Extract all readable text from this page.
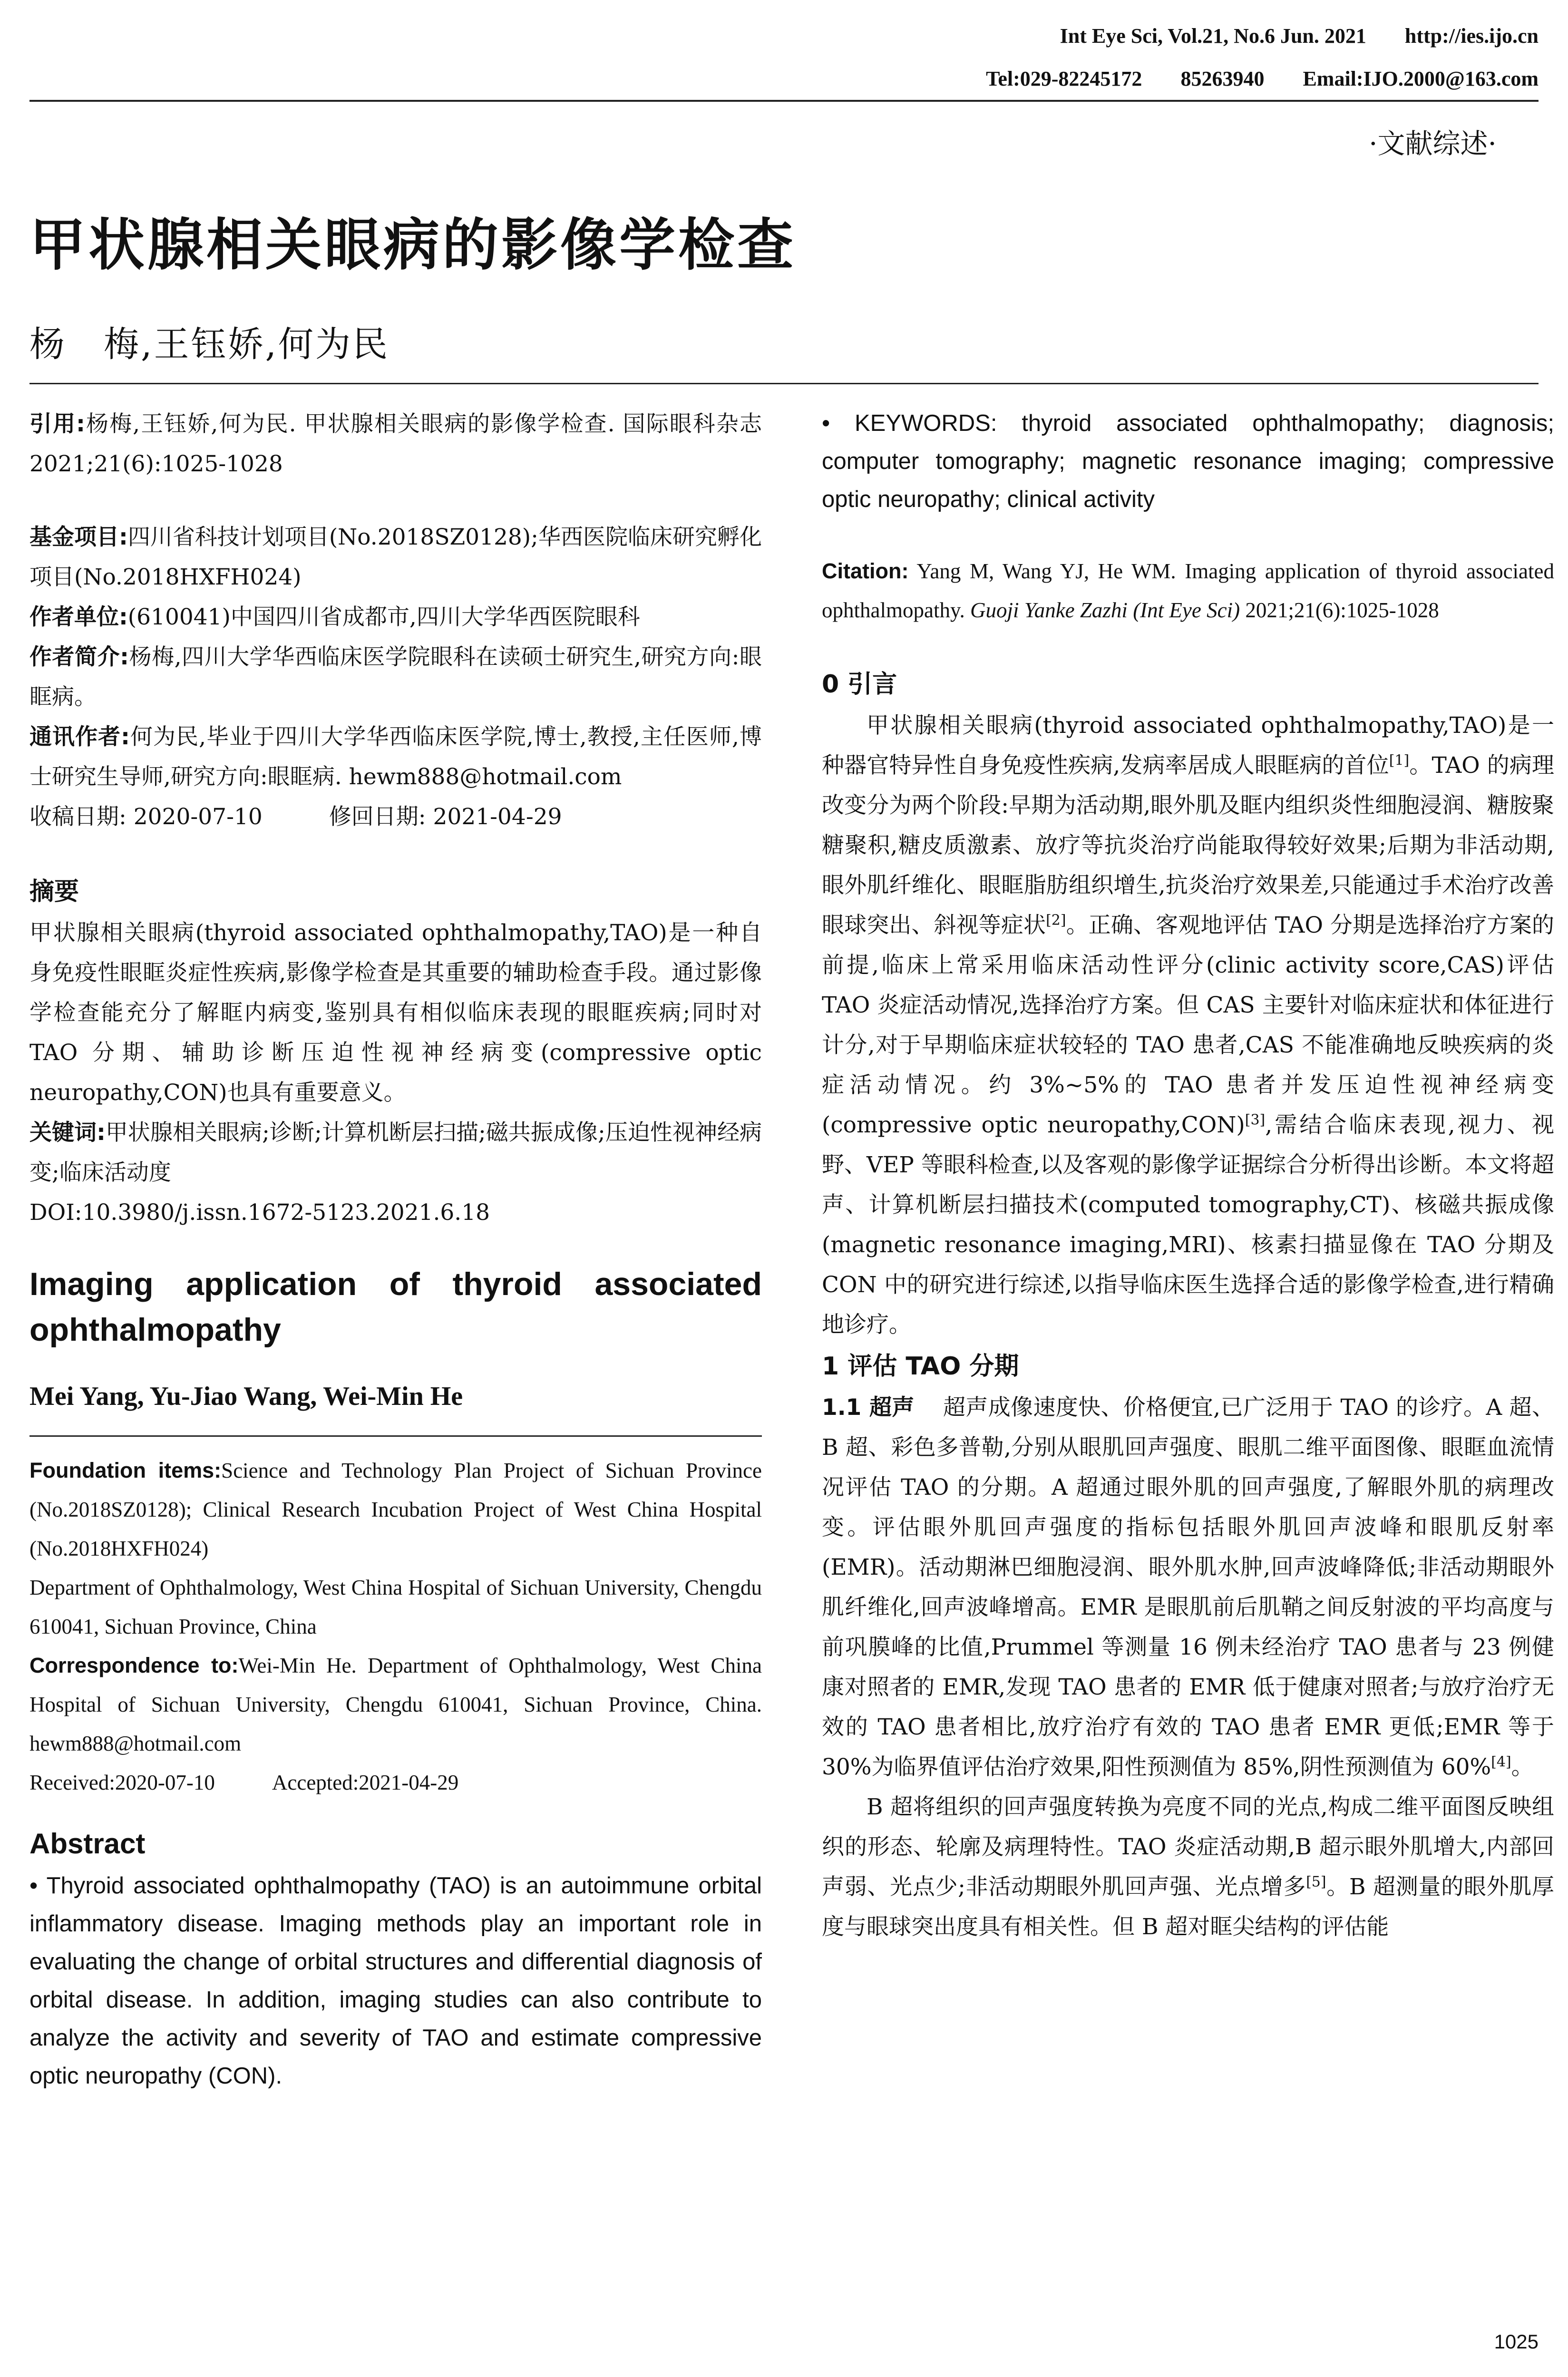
Int Eye Sci, Vol.21, No.6 Jun. 2021 http://ies.ijo.cn
Tel:029-82245172 85263940 Email:IJO.2000@163.com
·文献综述·
甲状腺相关眼病的影像学检查
杨　梅,王钰娇,何为民

引用:杨梅,王钰娇,何为民. 甲状腺相关眼病的影像学检查. 国际眼科杂志 2021;21(6):1025-1028

基金项目:四川省科技计划项目(No.2018SZ0128);华西医院临床研究孵化项目(No.2018HXFH024)

作者单位:(610041)中国四川省成都市,四川大学华西医院眼科

作者简介:杨梅,四川大学华西临床医学院眼科在读硕士研究生,研究方向:眼眶病。

通讯作者:何为民,毕业于四川大学华西临床医学院,博士,教授,主任医师,博士研究生导师,研究方向:眼眶病. hewm888@hotmail.com

收稿日期: 2020-07-10	修回日期: 2021-04-29

摘要

甲状腺相关眼病(thyroid associated ophthalmopathy,TAO)是一种自身免疫性眼眶炎症性疾病,影像学检查是其重要的辅助检查手段。通过影像学检查能充分了解眶内病变,鉴别具有相似临床表现的眼眶疾病;同时对 TAO 分期、辅助诊断压迫性视神经病变(compressive optic neuropathy,CON)也具有重要意义。

关键词:甲状腺相关眼病;诊断;计算机断层扫描;磁共振成像;压迫性视神经病变;临床活动度

DOI:10.3980/j.issn.1672-5123.2021.6.18

Imaging application of thyroid associated ophthalmopathy

Mei Yang, Yu-Jiao Wang, Wei-Min He

Foundation items:Science and Technology Plan Project of Sichuan Province (No.2018SZ0128); Clinical Research Incubation Project of West China Hospital (No.2018HXFH024)

Department of Ophthalmology, West China Hospital of Sichuan University, Chengdu 610041, Sichuan Province, China

Correspondence to:Wei-Min He. Department of Ophthalmology, West China Hospital of Sichuan University, Chengdu 610041, Sichuan Province, China. hewm888@hotmail.com

Received:2020-07-10	Accepted:2021-04-29

Abstract

• Thyroid associated ophthalmopathy (TAO) is an autoimmune orbital inflammatory disease. Imaging methods play an important role in evaluating the change of orbital structures and differential diagnosis of orbital disease. In addition, imaging studies can also contribute to analyze the activity and severity of TAO and estimate compressive optic neuropathy (CON).

• KEYWORDS: thyroid associated ophthalmopathy; diagnosis; computer tomography; magnetic resonance imaging; compressive optic neuropathy; clinical activity

Citation: Yang M, Wang YJ, He WM. Imaging application of thyroid associated ophthalmopathy. Guoji Yanke Zazhi (Int Eye Sci) 2021;21(6):1025-1028

0 引言

甲状腺相关眼病(thyroid associated ophthalmopathy,TAO)是一种器官特异性自身免疫性疾病,发病率居成人眼眶病的首位[1]。TAO 的病理改变分为两个阶段:早期为活动期,眼外肌及眶内组织炎性细胞浸润、糖胺聚糖聚积,糖皮质激素、放疗等抗炎治疗尚能取得较好效果;后期为非活动期,眼外肌纤维化、眼眶脂肪组织增生,抗炎治疗效果差,只能通过手术治疗改善眼球突出、斜视等症状[2]。正确、客观地评估 TAO 分期是选择治疗方案的前提,临床上常采用临床活动性评分(clinic activity score,CAS)评估 TAO 炎症活动情况,选择治疗方案。但 CAS 主要针对临床症状和体征进行计分,对于早期临床症状较轻的 TAO 患者,CAS 不能准确地反映疾病的炎症活动情况。约 3%~5%的 TAO 患者并发压迫性视神经病变(compressive optic neuropathy,CON)[3],需结合临床表现,视力、视野、VEP 等眼科检查,以及客观的影像学证据综合分析得出诊断。本文将超声、计算机断层扫描技术(computed tomography,CT)、核磁共振成像(magnetic resonance imaging,MRI)、核素扫描显像在 TAO 分期及 CON 中的研究进行综述,以指导临床医生选择合适的影像学检查,进行精确地诊疗。

1 评估 TAO 分期

1.1 超声 超声成像速度快、价格便宜,已广泛用于 TAO 的诊疗。A 超、B 超、彩色多普勒,分别从眼肌回声强度、眼肌二维平面图像、眼眶血流情况评估 TAO 的分期。A 超通过眼外肌的回声强度,了解眼外肌的病理改变。评估眼外肌回声强度的指标包括眼外肌回声波峰和眼肌反射率(EMR)。活动期淋巴细胞浸润、眼外肌水肿,回声波峰降低;非活动期眼外肌纤维化,回声波峰增高。EMR 是眼肌前后肌鞘之间反射波的平均高度与前巩膜峰的比值,Prummel 等测量 16 例未经治疗 TAO 患者与 23 例健康对照者的 EMR,发现 TAO 患者的 EMR 低于健康对照者;与放疗治疗无效的 TAO 患者相比,放疗治疗有效的 TAO 患者 EMR 更低;EMR 等于 30%为临界值评估治疗效果,阳性预测值为 85%,阴性预测值为 60%[4]。

B 超将组织的回声强度转换为亮度不同的光点,构成二维平面图反映组织的形态、轮廓及病理特性。TAO 炎症活动期,B 超示眼外肌增大,内部回声弱、光点少;非活动期眼外肌回声强、光点增多[5]。B 超测量的眼外肌厚度与眼球突出度具有相关性。但 B 超对眶尖结构的评估能

1025
